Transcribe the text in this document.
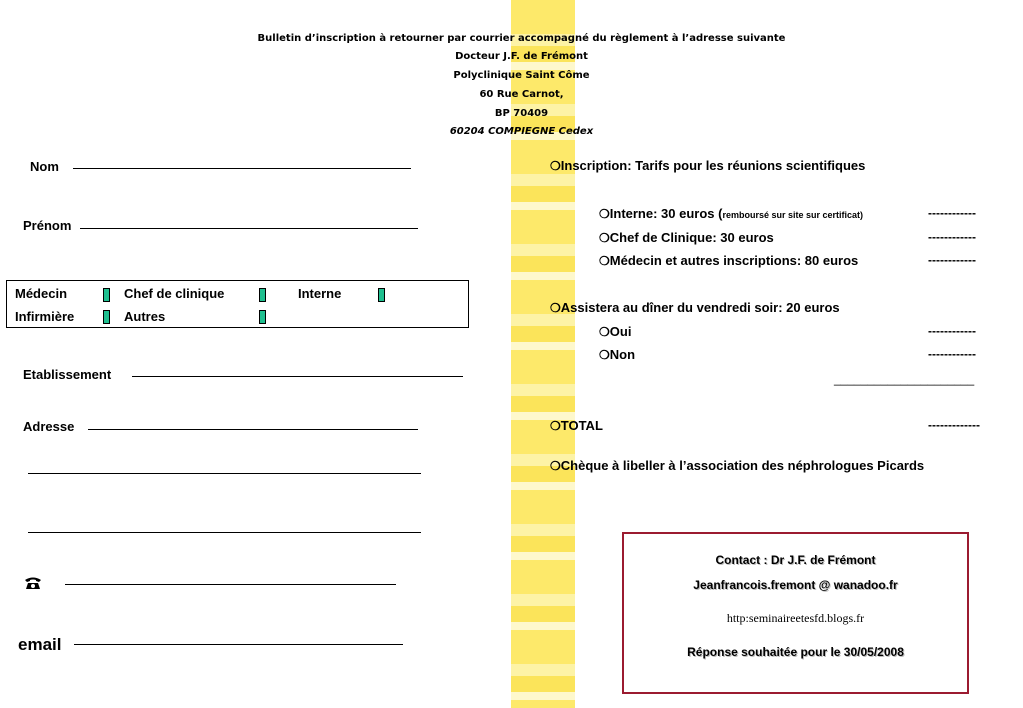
Bulletin d’inscription à retourner par courrier accompagné du règlement à l’adresse suivante
Docteur J.F. de Frémont
Polyclinique Saint Côme
60 Rue Carnot,
BP 70409
60204 COMPIEGNE Cedex
Nom
Prénom
Médecin	Chef de clinique	Interne
Infirmière	Autres
Etablissement
Adresse
email
❍Inscription: Tarifs pour les réunions scientifiques
❍Interne: 30 euros (remboursé sur site sur certificat)	------------
❍Chef de Clinique: 30 euros	------------
❍Médecin et autres inscriptions: 80 euros	------------
❍Assistera au dîner du vendredi soir: 20 euros
❍Oui	------------
❍Non	------------
_____________________
❍TOTAL	-------------
❍Chèque à libeller à l’association des néphrologues Picards
Contact : Dr J.F. de Frémont
Jeanfrancois.fremont @ wanadoo.fr
http:seminaireetesfd.blogs.fr
Réponse souhaitée pour le 30/05/2008
